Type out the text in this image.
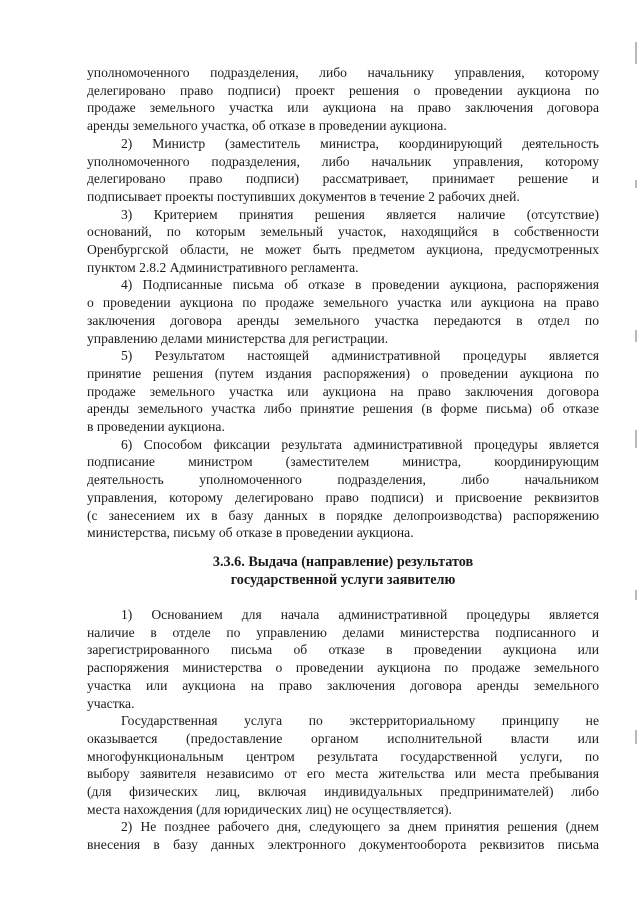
уполномоченного подразделения, либо начальнику управления, которому
делегировано право подписи) проект решения о проведении аукциона по
продаже земельного участка или аукциона на право заключения договора
аренды земельного участка, об отказе в проведении аукциона.
2) Министр (заместитель министра, координирующий деятельность
уполномоченного подразделения, либо начальник управления, которому
делегировано право подписи) рассматривает, принимает решение и
подписывает проекты поступивших документов в течение 2 рабочих дней.
3) Критерием принятия решения является наличие (отсутствие)
оснований, по которым земельный участок, находящийся в собственности
Оренбургской области, не может быть предметом аукциона, предусмотренных
пунктом 2.8.2 Административного регламента.
4) Подписанные письма об отказе в проведении аукциона, распоряжения
о проведении аукциона по продаже земельного участка или аукциона на право
заключения договора аренды земельного участка передаются в отдел по
управлению делами министерства для регистрации.
5) Результатом настоящей административной процедуры является
принятие решения (путем издания распоряжения) о проведении аукциона по
продаже земельного участка или аукциона на право заключения договора
аренды земельного участка либо принятие решения (в форме письма) об отказе
в проведении аукциона.
6) Способом фиксации результата административной процедуры является
подписание министром (заместителем министра, координирующим
деятельность уполномоченного подразделения, либо начальником
управления, которому делегировано право подписи) и присвоение реквизитов
(с занесением их в базу данных в порядке делопроизводства) распоряжению
министерства, письму об отказе в проведении аукциона.
3.3.6. Выдача (направление) результатов
государственной услуги заявителю
1) Основанием для начала административной процедуры является
наличие в отделе по управлению делами министерства подписанного и
зарегистрированного письма об отказе в проведении аукциона или
распоряжения министерства о проведении аукциона по продаже земельного
участка или аукциона на право заключения договора аренды земельного
участка.
Государственная услуга по экстерриториальному принципу не
оказывается (предоставление органом исполнительной власти или
многофункциональным центром результата государственной услуги, по
выбору заявителя независимо от его места жительства или места пребывания
(для физических лиц, включая индивидуальных предпринимателей) либо
места нахождения (для юридических лиц) не осуществляется).
2) Не позднее рабочего дня, следующего за днем принятия решения (днем
внесения в базу данных электронного документооборота реквизитов письма
